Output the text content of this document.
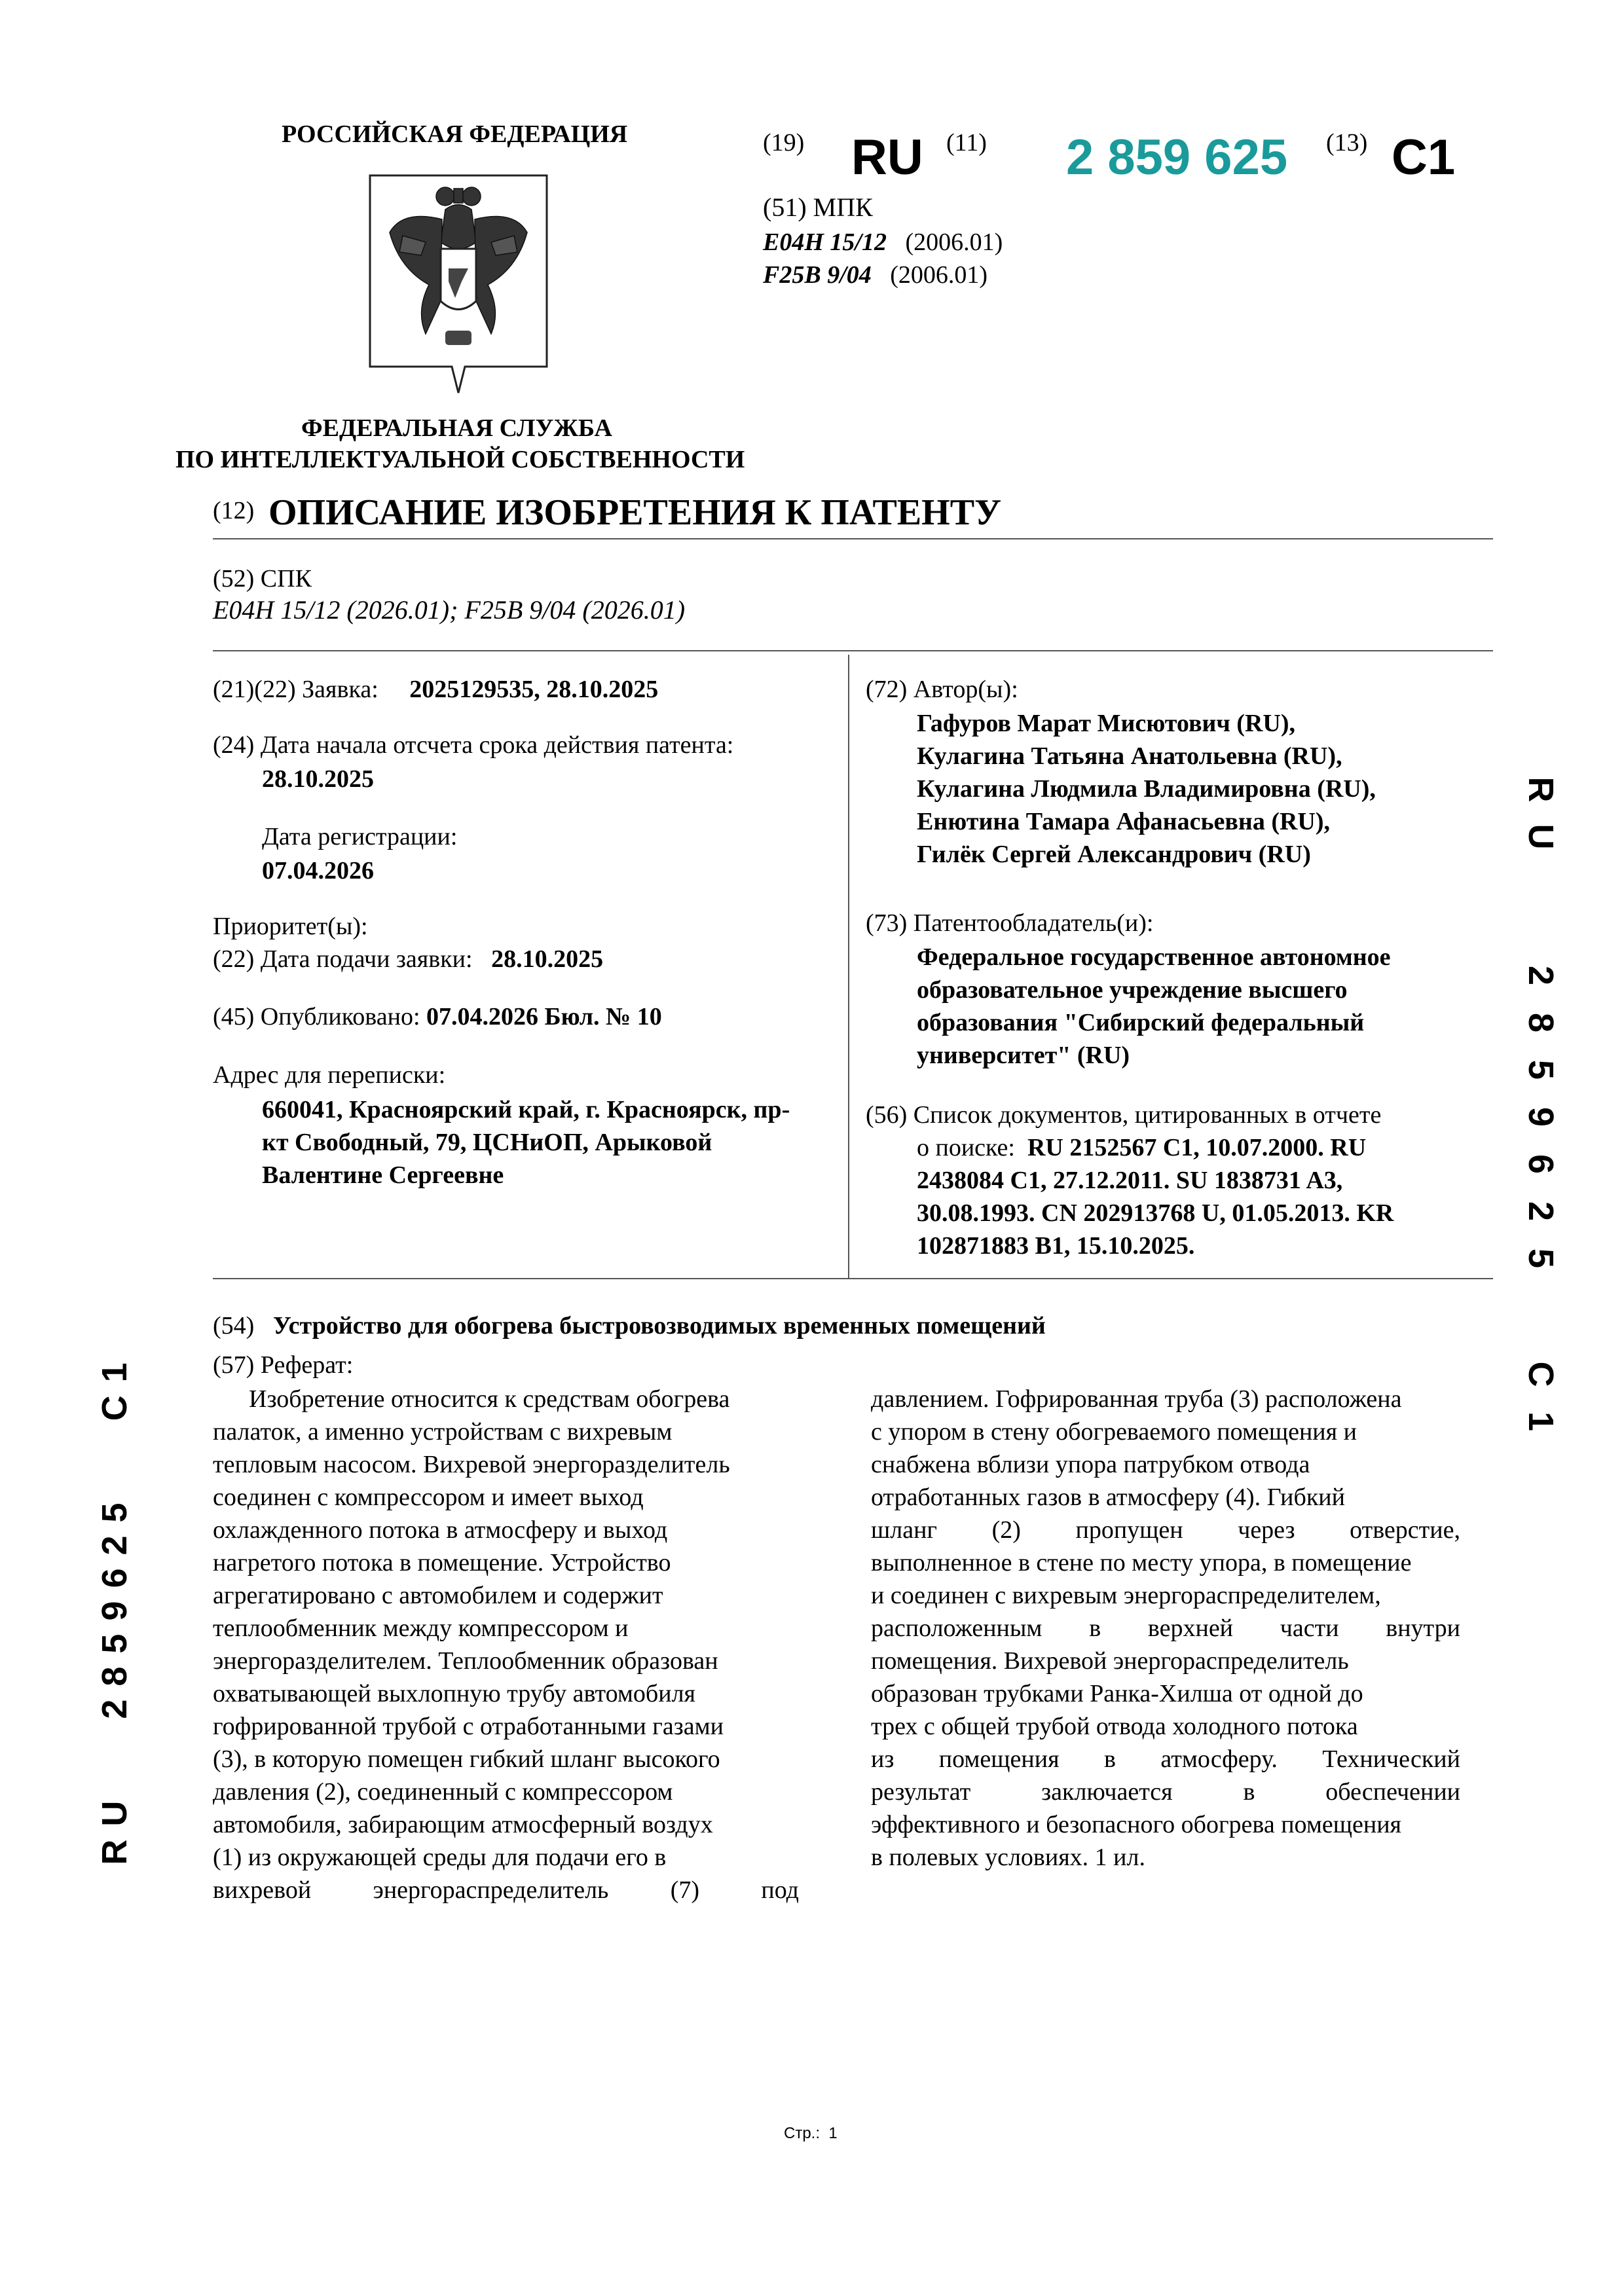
РОССИЙСКАЯ ФЕДЕРАЦИЯ
ФЕДЕРАЛЬНАЯ СЛУЖБА
ПО ИНТЕЛЛЕКТУАЛЬНОЙ СОБСТВЕННОСТИ
(19) RU (11) 2 859 625 (13) C1
(51) МПК
E04H 15/12 (2006.01)
F25B 9/04 (2006.01)
(12) ОПИСАНИЕ ИЗОБРЕТЕНИЯ К ПАТЕНТУ
(52) СПК
E04H 15/12 (2026.01); F25B 9/04 (2026.01)
(21)(22) Заявка: 2025129535, 28.10.2025
(24) Дата начала отсчета срока действия патента:
28.10.2025
Дата регистрации:
07.04.2026
Приоритет(ы):
(22) Дата подачи заявки: 28.10.2025
(45) Опубликовано: 07.04.2026 Бюл. № 10
Адрес для переписки:
660041, Красноярский край, г. Красноярск, пр-
кт Свободный, 79, ЦСНиОП, Арыковой
Валентине Сергеевне
(72) Автор(ы):
Гафуров Марат Мисютович (RU),
Кулагина Татьяна Анатольевна (RU),
Кулагина Людмила Владимировна (RU),
Енютина Тамара Афанасьевна (RU),
Гилёк Сергей Александрович (RU)
(73) Патентообладатель(и):
Федеральное государственное автономное
образовательное учреждение высшего
образования "Сибирский федеральный
университет" (RU)
(56) Список документов, цитированных в отчете
о поиске: RU 2152567 C1, 10.07.2000. RU
2438084 C1, 27.12.2011. SU 1838731 A3,
30.08.1993. CN 202913768 U, 01.05.2013. KR
102871883 B1, 15.10.2025.
(54) Устройство для обогрева быстровозводимых временных помещений
(57) Реферат:
Изобретение относится к средствам обогрева
палаток, а именно устройствам с вихревым
тепловым насосом. Вихревой энергоразделитель
соединен с компрессором и имеет выход
охлажденного потока в атмосферу и выход
нагретого потока в помещение. Устройство
агрегатировано с автомобилем и содержит
теплообменник между компрессором и
энергоразделителем. Теплообменник образован
охватывающей выхлопную трубу автомобиля
гофрированной трубой с отработанными газами
(3), в которую помещен гибкий шланг высокого
давления (2), соединенный с компрессором
автомобиля, забирающим атмосферный воздух
(1) из окружающей среды для подачи его в
вихревой энергораспределитель (7) под
давлением. Гофрированная труба (3) расположена
с упором в стену обогреваемого помещения и
снабжена вблизи упора патрубком отвода
отработанных газов в атмосферу (4). Гибкий
шланг (2) пропущен через отверстие,
выполненное в стене по месту упора, в помещение
и соединен с вихревым энергораспределителем,
расположенным в верхней части внутри
помещения. Вихревой энергораспределитель
образован трубками Ранка-Хилша от одной до
трех с общей трубой отвода холодного потока
из помещения в атмосферу. Технический
результат	заключается	в	обеспечении
эффективного и безопасного обогрева помещения
в полевых условиях. 1 ил.
R
U
2
8
5
9
6
2
5
C
1
RU   2859625   C1
Стр.:  1
